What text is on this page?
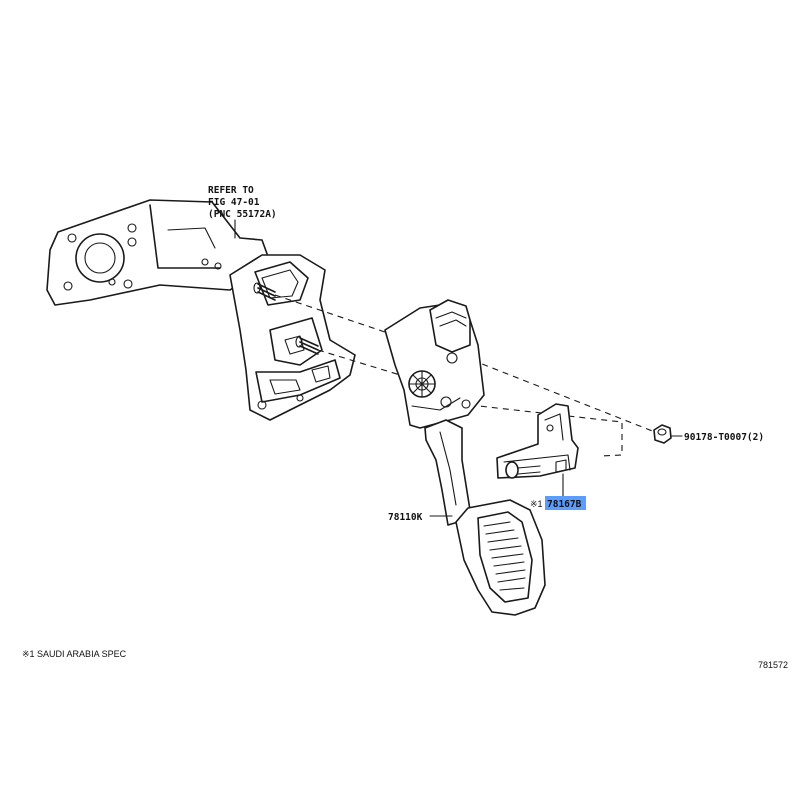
REFER TO
FIG 47-01
(PNC 55172A)
78110K
※1 78167B
90178-T0007(2)
※1 SAUDI ARABIA SPEC
781572
